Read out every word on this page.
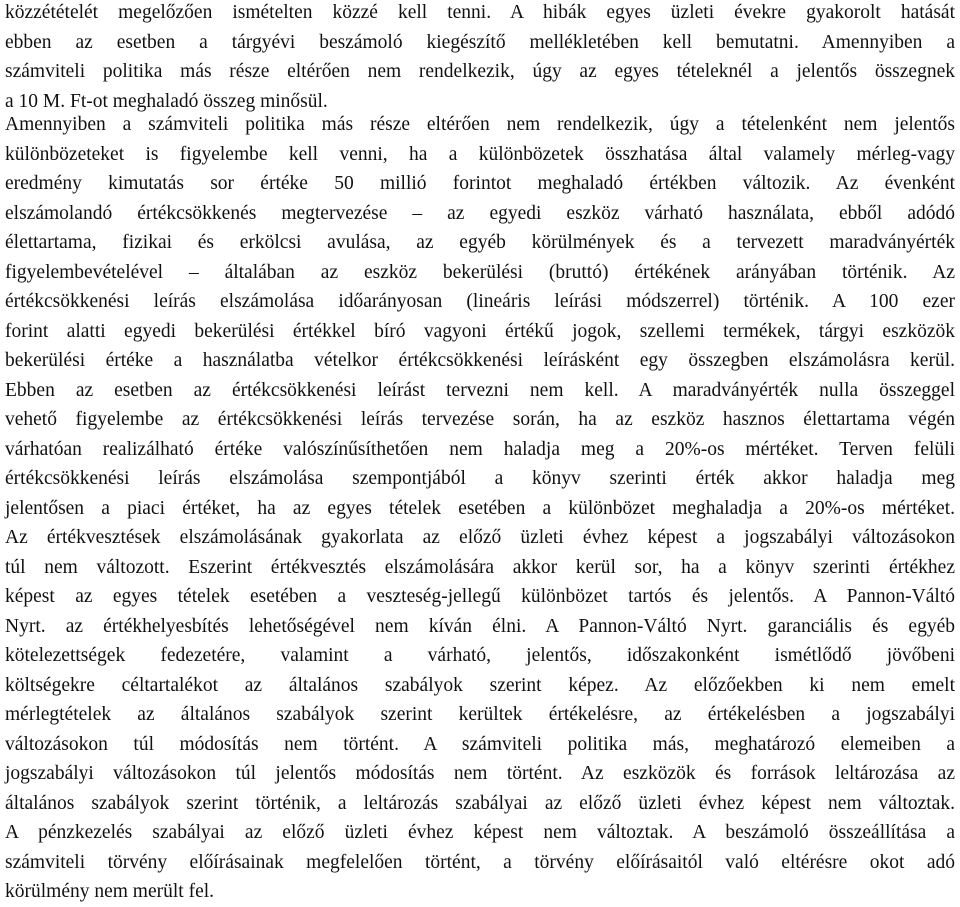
közzétételét megelőzően ismételten közzé kell tenni. A hibák egyes üzleti évekre gyakorolt hatását
ebben az esetben a tárgyévi beszámoló kiegészítő mellékletében kell bemutatni. Amennyiben a
számviteli politika más része eltérően nem rendelkezik, úgy az egyes tételeknél a jelentős összegnek
a 10 M. Ft-ot meghaladó összeg minősül.
Amennyiben a számviteli politika más része eltérően nem rendelkezik, úgy a tételenként nem jelentős
különbözeteket is figyelembe kell venni, ha a különbözetek összhatása által valamely mérleg-vagy
eredmény kimutatás sor értéke 50 millió forintot meghaladó értékben változik. Az évenként
elszámolandó értékcsökkenés megtervezése – az egyedi eszköz várható használata, ebből adódó
élettartama, fizikai és erkölcsi avulása, az egyéb körülmények és a tervezett maradványérték
figyelembevételével – általában az eszköz bekerülési (bruttó) értékének arányában történik. Az
értékcsökkenési leírás elszámolása időarányosan (lineáris leírási módszerrel) történik. A 100 ezer
forint alatti egyedi bekerülési értékkel bíró vagyoni értékű jogok, szellemi termékek, tárgyi eszközök
bekerülési értéke a használatba vételkor értékcsökkenési leírásként egy összegben elszámolásra kerül.
Ebben az esetben az értékcsökkenési leírást tervezni nem kell. A maradványérték nulla összeggel
vehető figyelembe az értékcsökkenési leírás tervezése során, ha az eszköz hasznos élettartama végén
várhatóan realizálható értéke valószínűsíthetően nem haladja meg a 20%-os mértéket. Terven felüli
értékcsökkenési leírás elszámolása szempontjából a könyv szerinti érték akkor haladja meg
jelentősen a piaci értéket, ha az egyes tételek esetében a különbözet meghaladja a 20%-os mértéket.
Az értékvesztések elszámolásának gyakorlata az előző üzleti évhez képest a jogszabályi változásokon
túl nem változott. Eszerint értékvesztés elszámolására akkor kerül sor, ha a könyv szerinti értékhez
képest az egyes tételek esetében a veszteség-jellegű különbözet tartós és jelentős. A Pannon-Váltó
Nyrt. az értékhelyesbítés lehetőségével nem kíván élni. A Pannon-Váltó Nyrt. garanciális és egyéb
kötelezettségek fedezetére, valamint a várható, jelentős, időszakonként ismétlődő jövőbeni
költségekre céltartalékot az általános szabályok szerint képez. Az előzőekben ki nem emelt
mérlegtételek az általános szabályok szerint kerültek értékelésre, az értékelésben a jogszabályi
változásokon túl módosítás nem történt. A számviteli politika más, meghatározó elemeiben a
jogszabályi változásokon túl jelentős módosítás nem történt. Az eszközök és források leltározása az
általános szabályok szerint történik, a leltározás szabályai az előző üzleti évhez képest nem változtak.
A pénzkezelés szabályai az előző üzleti évhez képest nem változtak. A beszámoló összeállítása a
számviteli törvény előírásainak megfelelően történt, a törvény előírásaitól való eltérésre okot adó
körülmény nem merült fel.
